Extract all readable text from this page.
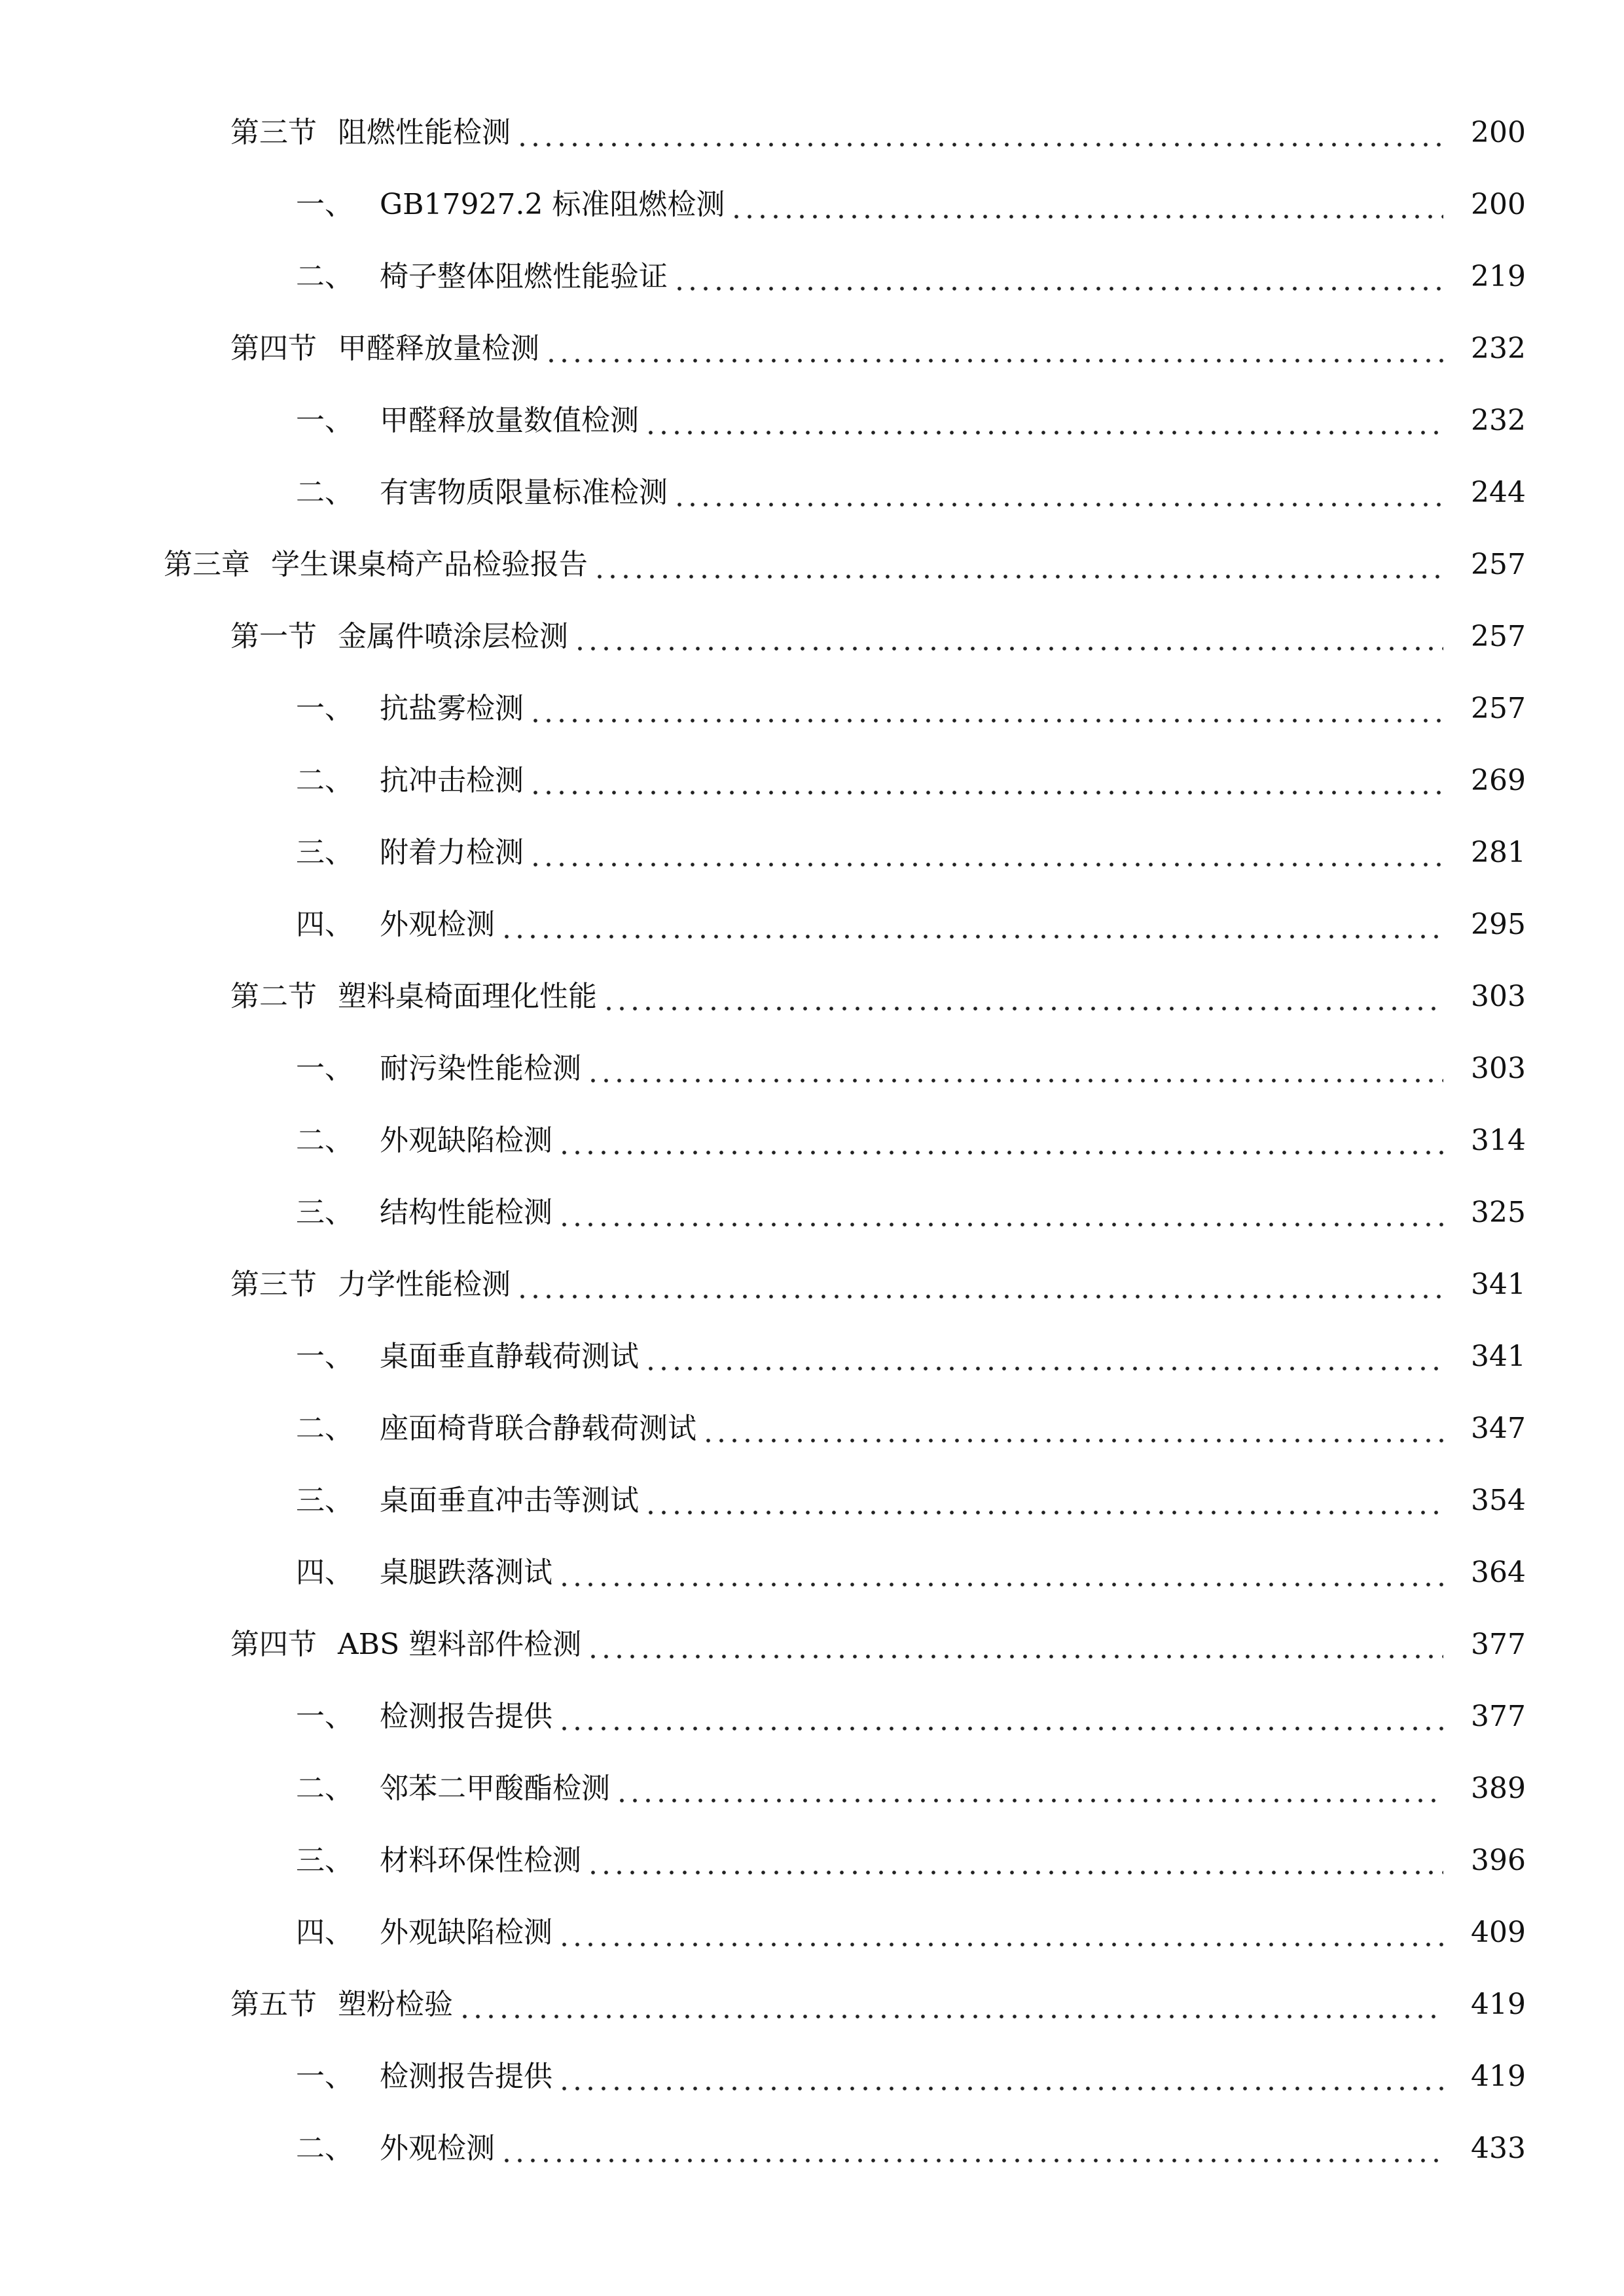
第三节 阻燃性能检测	200
一、 GB17927.2 标准阻燃检测	200
二、 椅子整体阻燃性能验证	219
第四节 甲醛释放量检测	232
一、 甲醛释放量数值检测	232
二、 有害物质限量标准检测	244
第三章 学生课桌椅产品检验报告	257
第一节 金属件喷涂层检测	257
一、 抗盐雾检测	257
二、 抗冲击检测	269
三、 附着力检测	281
四、 外观检测	295
第二节 塑料桌椅面理化性能	303
一、 耐污染性能检测	303
二、 外观缺陷检测	314
三、 结构性能检测	325
第三节 力学性能检测	341
一、 桌面垂直静载荷测试	341
二、 座面椅背联合静载荷测试	347
三、 桌面垂直冲击等测试	354
四、 桌腿跌落测试	364
第四节 ABS 塑料部件检测	377
一、 检测报告提供	377
二、 邻苯二甲酸酯检测	389
三、 材料环保性检测	396
四、 外观缺陷检测	409
第五节 塑粉检验	419
一、 检测报告提供	419
二、 外观检测	433
